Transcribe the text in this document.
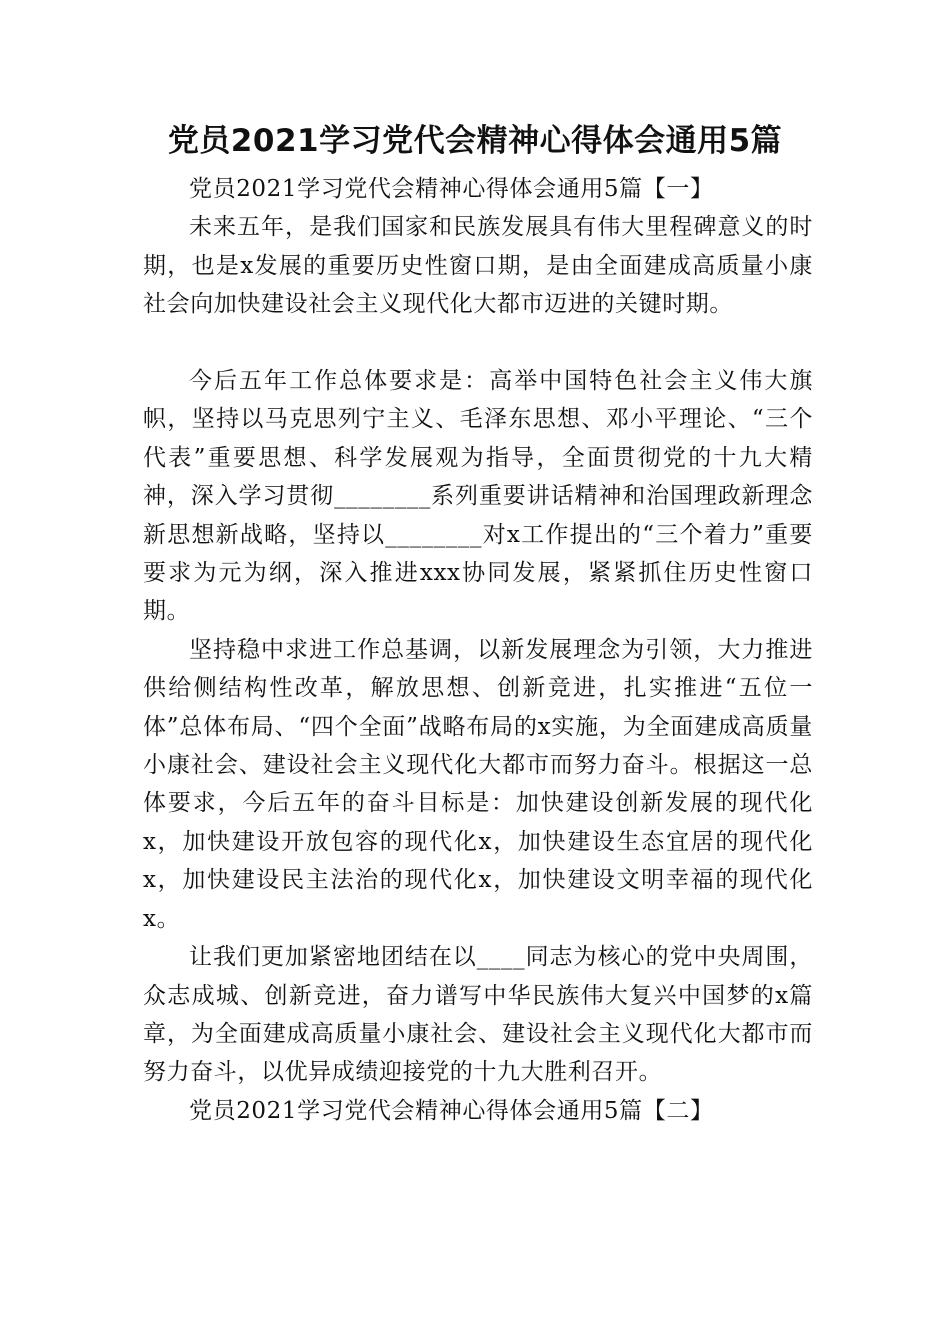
党员2021学习党代会精神心得体会通用5篇

党员2021学习党代会精神心得体会通用5篇【一】

未来五年，是我们国家和民族发展具有伟大里程碑意义的时期，也是x发展的重要历史性窗口期，是由全面建成高质量小康社会向加快建设社会主义现代化大都市迈进的关键时期。

今后五年工作总体要求是：高举中国特色社会主义伟大旗帜，坚持以马克思列宁主义、毛泽东思想、邓小平理论、“三个代表”重要思想、科学发展观为指导，全面贯彻党的十九大精神，深入学习贯彻________系列重要讲话精神和治国理政新理念新思想新战略，坚持以________对x工作提出的“三个着力”重要要求为元为纲，深入推进xxx协同发展，紧紧抓住历史性窗口期。

坚持稳中求进工作总基调，以新发展理念为引领，大力推进供给侧结构性改革，解放思想、创新竞进，扎实推进“五位一体”总体布局、“四个全面”战略布局的x实施，为全面建成高质量小康社会、建设社会主义现代化大都市而努力奋斗。根据这一总体要求，今后五年的奋斗目标是：加快建设创新发展的现代化x，加快建设开放包容的现代化x，加快建设生态宜居的现代化x，加快建设民主法治的现代化x，加快建设文明幸福的现代化x。

让我们更加紧密地团结在以____同志为核心的党中央周围，众志成城、创新竞进，奋力谱写中华民族伟大复兴中国梦的x篇章，为全面建成高质量小康社会、建设社会主义现代化大都市而努力奋斗，以优异成绩迎接党的十九大胜利召开。

党员2021学习党代会精神心得体会通用5篇【二】
